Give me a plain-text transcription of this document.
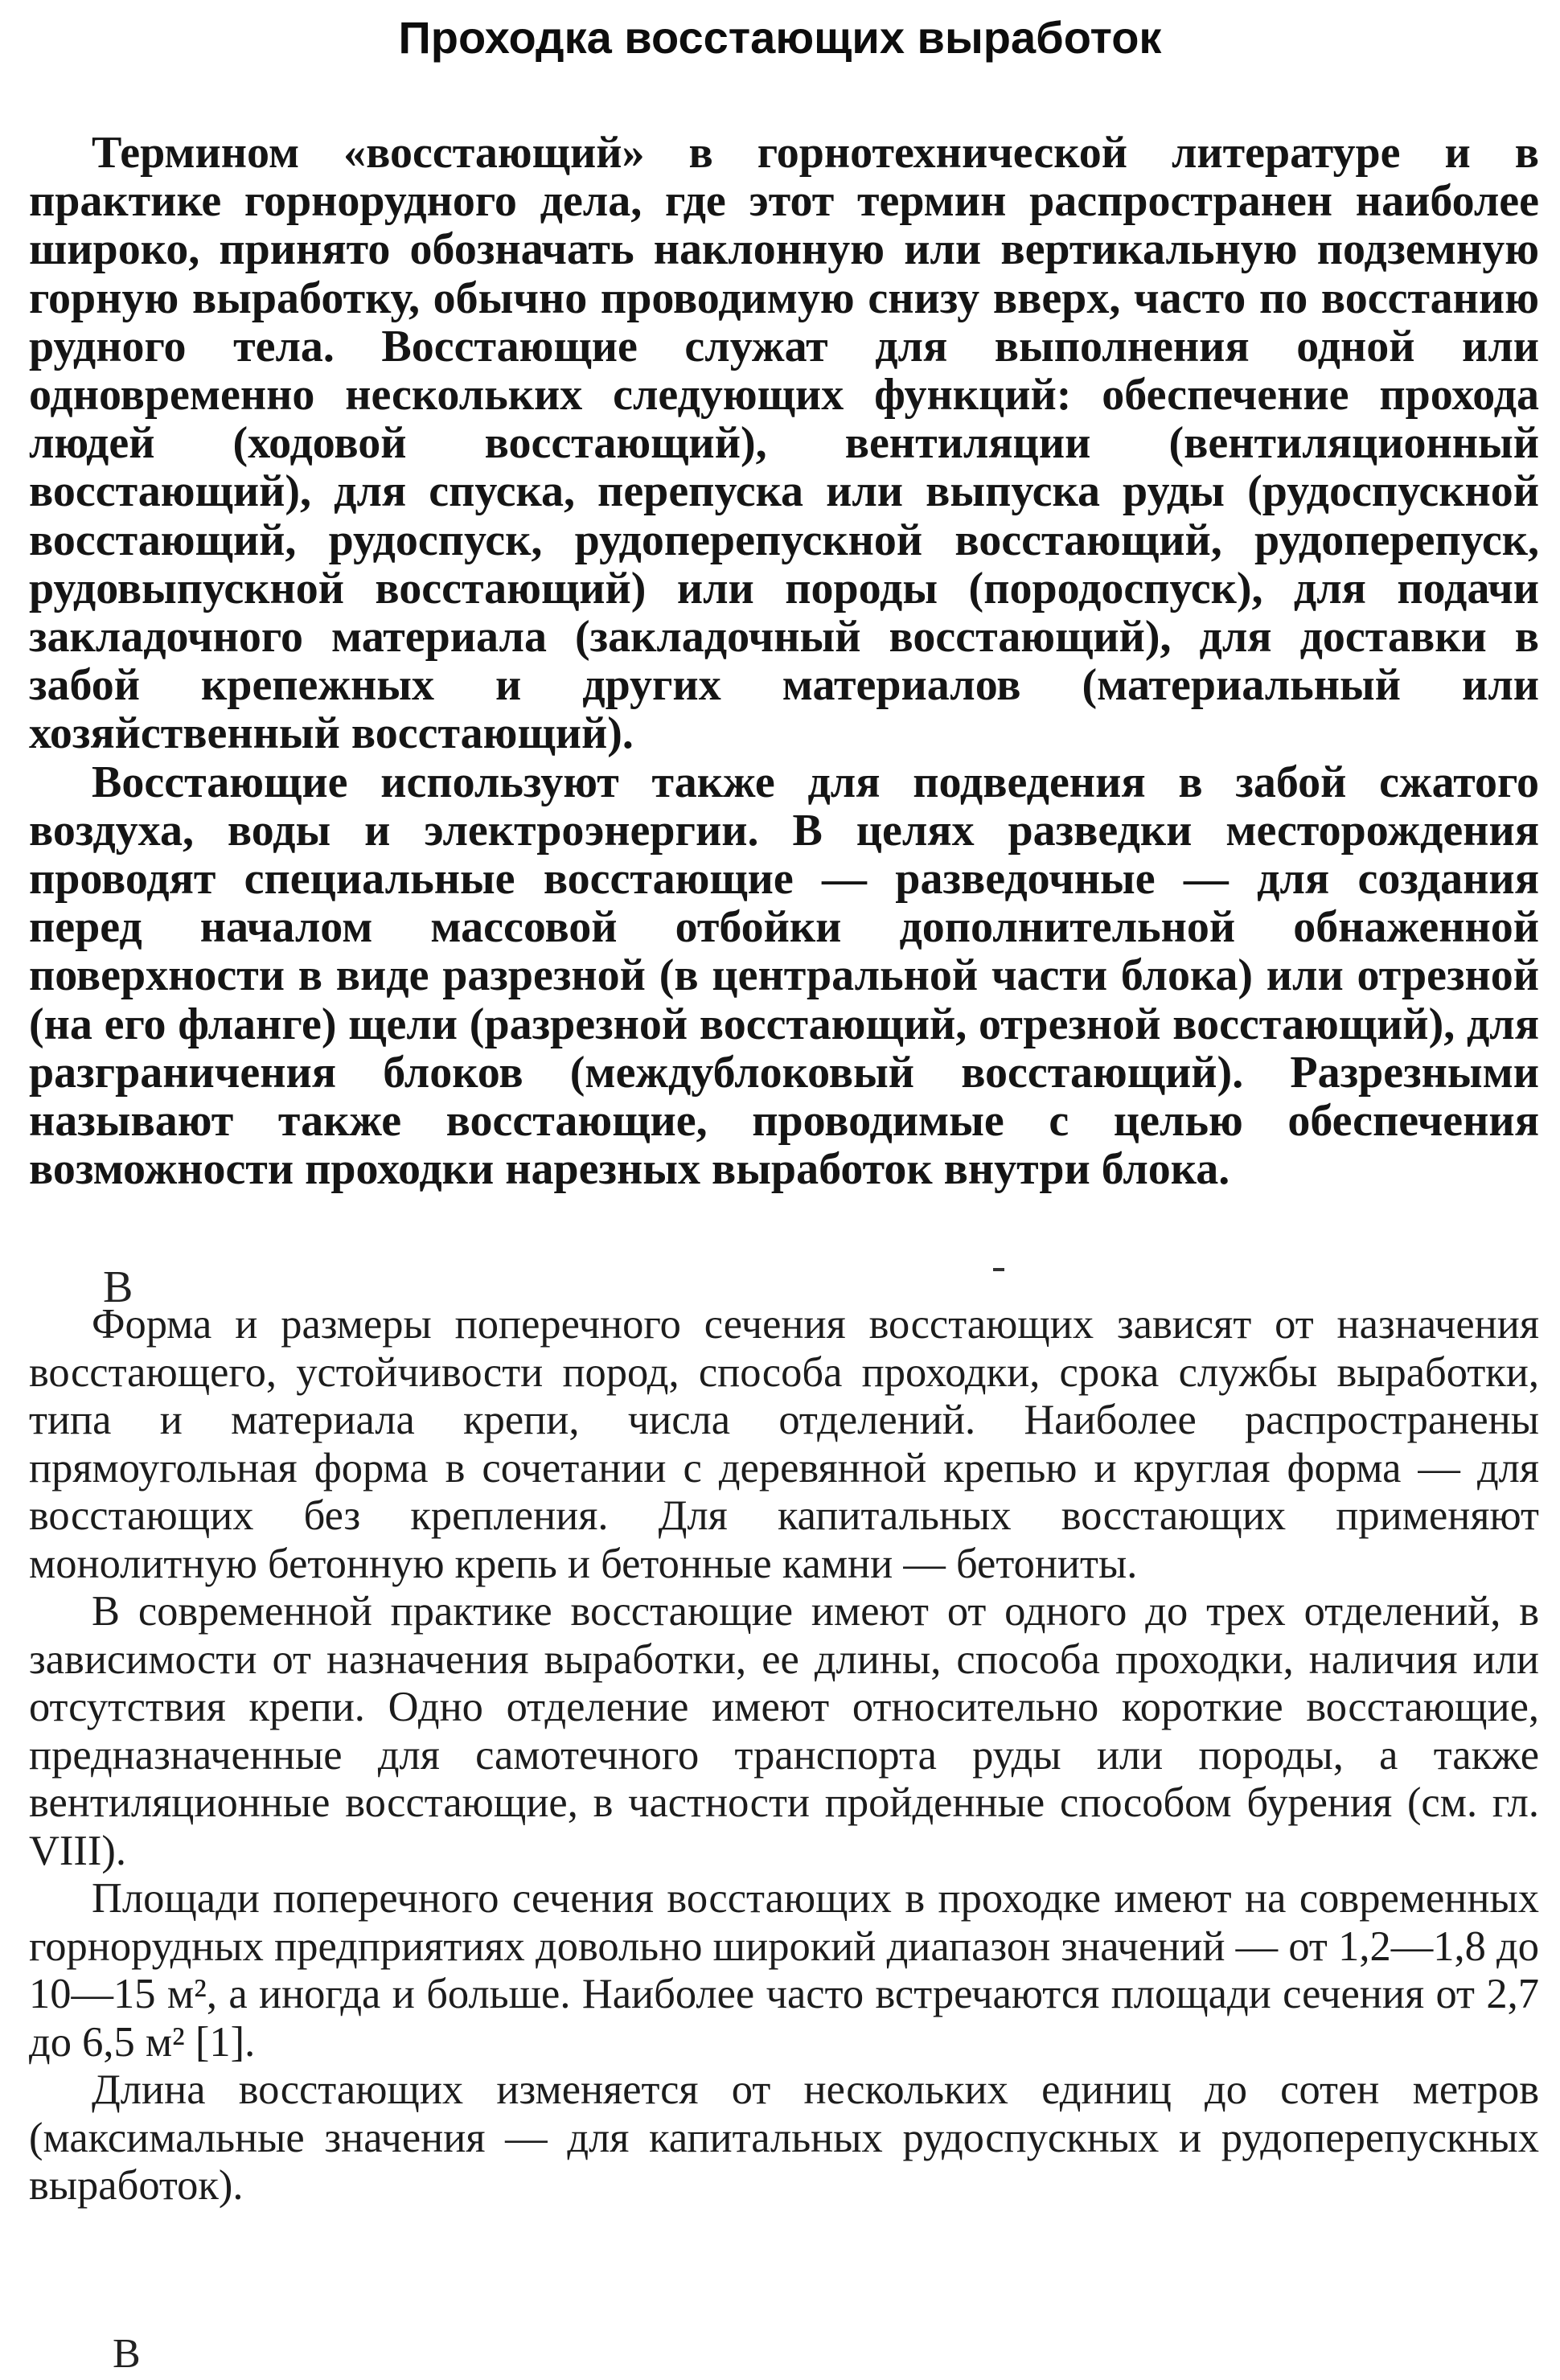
Проходка восстающих выработок

Термином «восстающий» в горнотехнической литературе и в практике горнорудного дела, где этот термин распространен наиболее широко, принято обозначать наклонную или вертикальную подземную горную выработку, обычно проводимую снизу вверх, часто по восстанию рудного тела. Восстающие служат для выполнения одной или одновременно нескольких следующих функций: обеспечение прохода людей (ходовой восстающий), вентиляции (вентиляционный восстающий), для спуска, перепуска или выпуска руды (рудоспускной восстающий, рудоспуск, рудоперепускной восстающий, рудоперепуск, рудовыпускной восстающий) или породы (породоспуск), для подачи закладочного материала (закладочный восстающий), для доставки в забой крепежных и других материалов (материальный или хозяйственный восстающий).

Восстающие используют также для подведения в забой сжатого воздуха, воды и электроэнергии. В целях разведки месторождения проводят специальные восстающие — разведочные — для создания перед началом массовой отбойки дополнительной обнаженной поверхности в виде разрезной (в центральной части блока) или отрезной (на его фланге) щели (разрезной восстающий, отрезной восстающий), для разграничения блоков (междублоковый восстающий). Разрезными называют также восстающие, проводимые с целью обеспечения возможности проходки нарезных выработок внутри блока.

В

Форма и размеры поперечного сечения восстающих зависят от назначения восстающего, устойчивости пород, способа проходки, срока службы выработки, типа и материала крепи, числа отделений. Наиболее распространены прямоугольная форма в сочетании с деревянной крепью и круглая форма — для восстающих без крепления. Для капитальных восстающих применяют монолитную бетонную крепь и бетонные камни — бетониты.

В современной практике восстающие имеют от одного до трех отделений, в зависимости от назначения выработки, ее длины, способа проходки, наличия или отсутствия крепи. Одно отделение имеют относительно короткие восстающие, предназначенные для самотечного транспорта руды или породы, а также вентиляционные восстающие, в частности пройденные способом бурения (см. гл. VIII).

Площади поперечного сечения восстающих в проходке имеют на современных горнорудных предприятиях довольно широкий диапазон значений — от 1,2—1,8 до 10—15 м², а иногда и больше. Наиболее часто встречаются площади сечения от 2,7 до 6,5 м² [1].

Длина восстающих изменяется от нескольких единиц до сотен метров (максимальные значения — для капитальных рудоспускных и рудоперепускных выработок).

В
